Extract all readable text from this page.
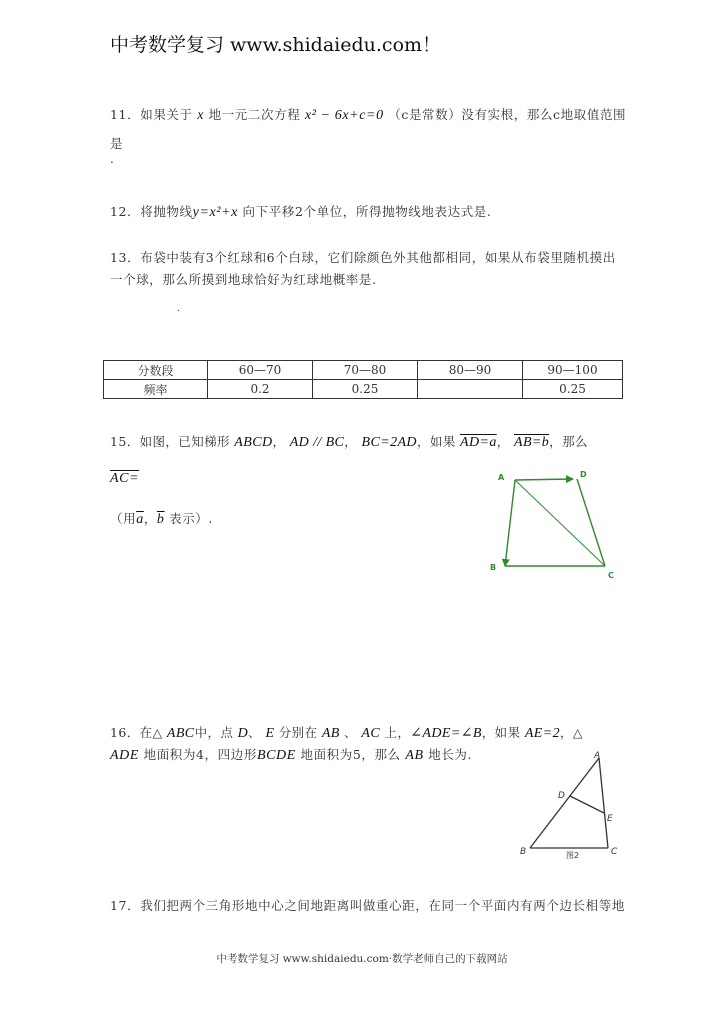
中考数学复习 www.shidaiedu.com！
11．如果关于 x 地一元二次方程 x² − 6x+c=0 （c是常数）没有实根，那么c地取值范围
是
.
12．将抛物线y=x²+x 向下平移2个单位，所得抛物线地表达式是.
13．布袋中装有3个红球和6个白球，它们除颜色外其他都相同，如果从布袋里随机摸出
一个球，那么所摸到地球恰好为红球地概率是.
.
分数段	60—70	70—80	80—90	90—100
频率	0.2	0.25		0.25
15．如图，已知梯形 ABCD， AD // BC， BC=2AD，如果 AD=a， AB=b，那么
AC=
（用$\overline{a}$，$\overline{b}$ 表示）.
A	D
B
C
16．在△ ABC中，点 D、 E 分别在 AB 、 AC 上，∠ADE=∠B，如果 AE=2，△
ADE 地面积为4，四边形BCDE 地面积为5，那么 AB 地长为.	A
D
E
B	C
图2
17．我们把两个三角形地中心之间地距离叫做重心距，在同一个平面内有两个边长相等地
中考数学复习 www.shidaiedu.com·数学老师自己的下载网站
